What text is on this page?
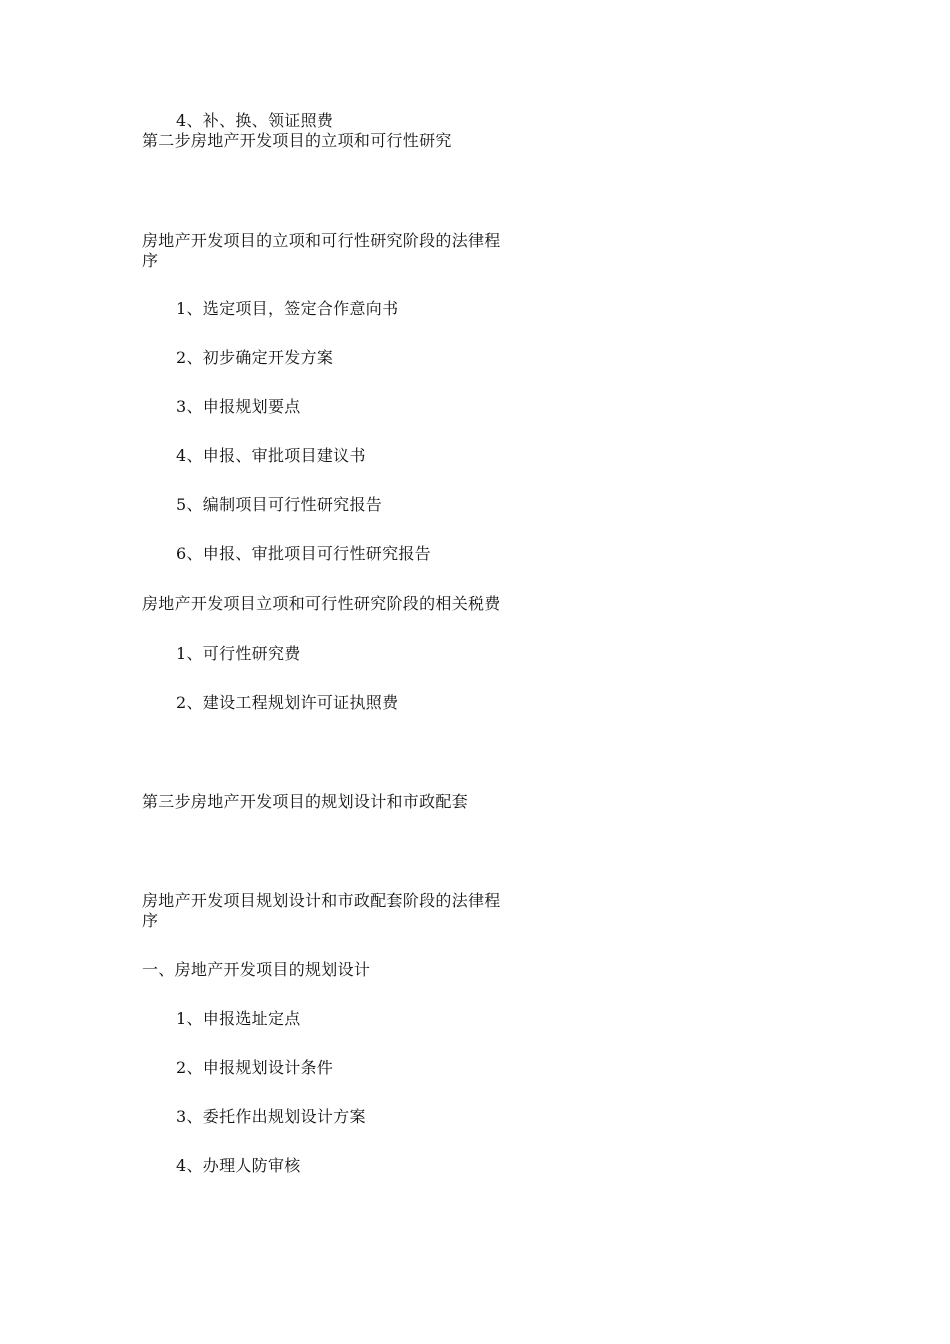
4、补、换、领证照费
第二步房地产开发项目的立项和可行性研究
房地产开发项目的立项和可行性研究阶段的法律程
序
1、选定项目，签定合作意向书
2、初步确定开发方案
3、申报规划要点
4、申报、审批项目建议书
5、编制项目可行性研究报告
6、申报、审批项目可行性研究报告
房地产开发项目立项和可行性研究阶段的相关税费
1、可行性研究费
2、建设工程规划许可证执照费
第三步房地产开发项目的规划设计和市政配套
房地产开发项目规划设计和市政配套阶段的法律程
序
一、房地产开发项目的规划设计
1、申报选址定点
2、申报规划设计条件
3、委托作出规划设计方案
4、办理人防审核
